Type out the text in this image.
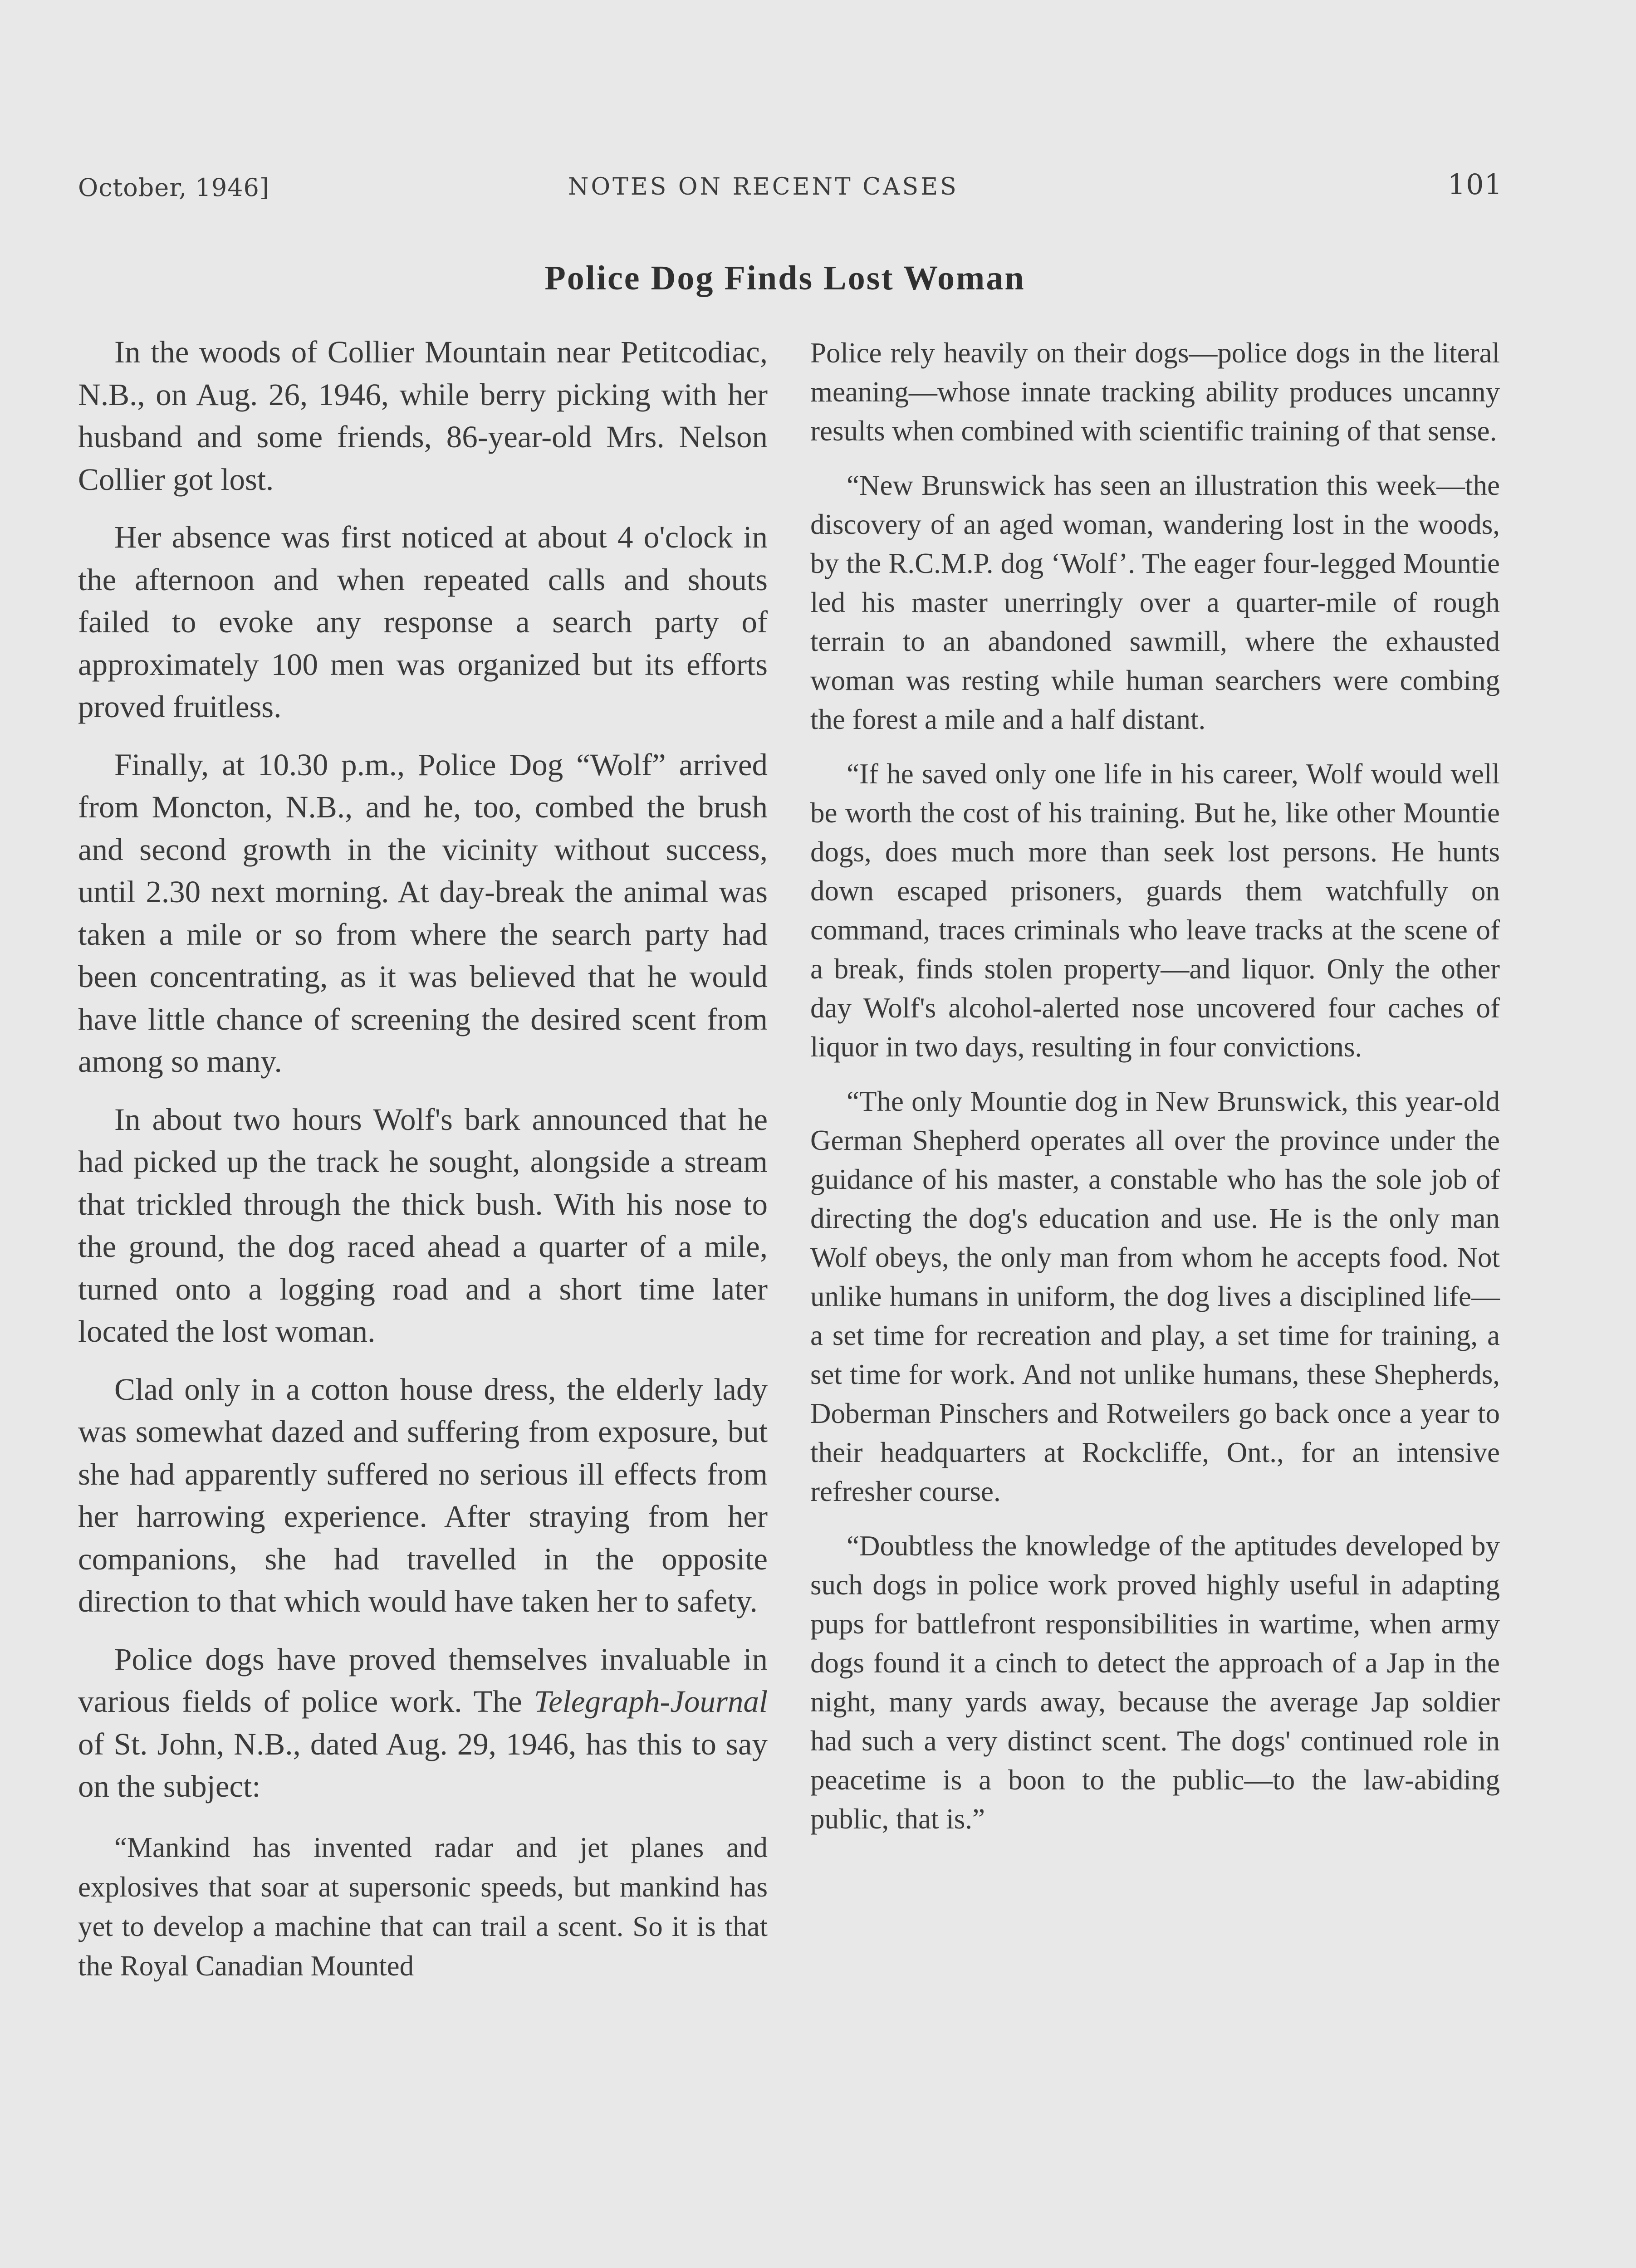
October, 1946]	NOTES ON RECENT CASES	101
Police Dog Finds Lost Woman

In the woods of Collier Mountain near Petitcodiac, N.B., on Aug. 26, 1946, while berry picking with her husband and some friends, 86-year-old Mrs. Nelson Collier got lost.

Her absence was first noticed at about 4 o'clock in the afternoon and when repeated calls and shouts failed to evoke any response a search party of approximately 100 men was organized but its efforts proved fruitless.

Finally, at 10.30 p.m., Police Dog “Wolf” arrived from Moncton, N.B., and he, too, combed the brush and second growth in the vicinity without success, until 2.30 next morning. At day-break the animal was taken a mile or so from where the search party had been concentrating, as it was believed that he would have little chance of screening the desired scent from among so many.

In about two hours Wolf's bark announced that he had picked up the track he sought, alongside a stream that trickled through the thick bush. With his nose to the ground, the dog raced ahead a quarter of a mile, turned onto a logging road and a short time later located the lost woman.

Clad only in a cotton house dress, the elderly lady was somewhat dazed and suffering from exposure, but she had apparently suffered no serious ill effects from her harrowing experience. After straying from her companions, she had travelled in the opposite direction to that which would have taken her to safety.

Police dogs have proved themselves invaluable in various fields of police work. The Telegraph-Journal of St. John, N.B., dated Aug. 29, 1946, has this to say on the subject:

“Mankind has invented radar and jet planes and explosives that soar at supersonic speeds, but mankind has yet to develop a machine that can trail a scent. So it is that the Royal Canadian Mounted

Police rely heavily on their dogs—police dogs in the literal meaning—whose innate tracking ability produces uncanny results when combined with scientific training of that sense.

“New Brunswick has seen an illustration this week—the discovery of an aged woman, wandering lost in the woods, by the R.C.M.P. dog ‘Wolf’. The eager four-legged Mountie led his master unerringly over a quarter-mile of rough terrain to an abandoned sawmill, where the exhausted woman was resting while human searchers were combing the forest a mile and a half distant.

“If he saved only one life in his career, Wolf would well be worth the cost of his training. But he, like other Mountie dogs, does much more than seek lost persons. He hunts down escaped prisoners, guards them watchfully on command, traces criminals who leave tracks at the scene of a break, finds stolen property—and liquor. Only the other day Wolf's alcohol-alerted nose uncovered four caches of liquor in two days, resulting in four convictions.

“The only Mountie dog in New Brunswick, this year-old German Shepherd operates all over the province under the guidance of his master, a constable who has the sole job of directing the dog's education and use. He is the only man Wolf obeys, the only man from whom he accepts food. Not unlike humans in uniform, the dog lives a disciplined life—a set time for recreation and play, a set time for training, a set time for work. And not unlike humans, these Shepherds, Doberman Pinschers and Rotweilers go back once a year to their headquarters at Rockcliffe, Ont., for an intensive refresher course.

“Doubtless the knowledge of the aptitudes developed by such dogs in police work proved highly useful in adapting pups for battlefront responsibilities in wartime, when army dogs found it a cinch to detect the approach of a Jap in the night, many yards away, because the average Jap soldier had such a very distinct scent. The dogs' continued role in peacetime is a boon to the public—to the law-abiding public, that is.”
